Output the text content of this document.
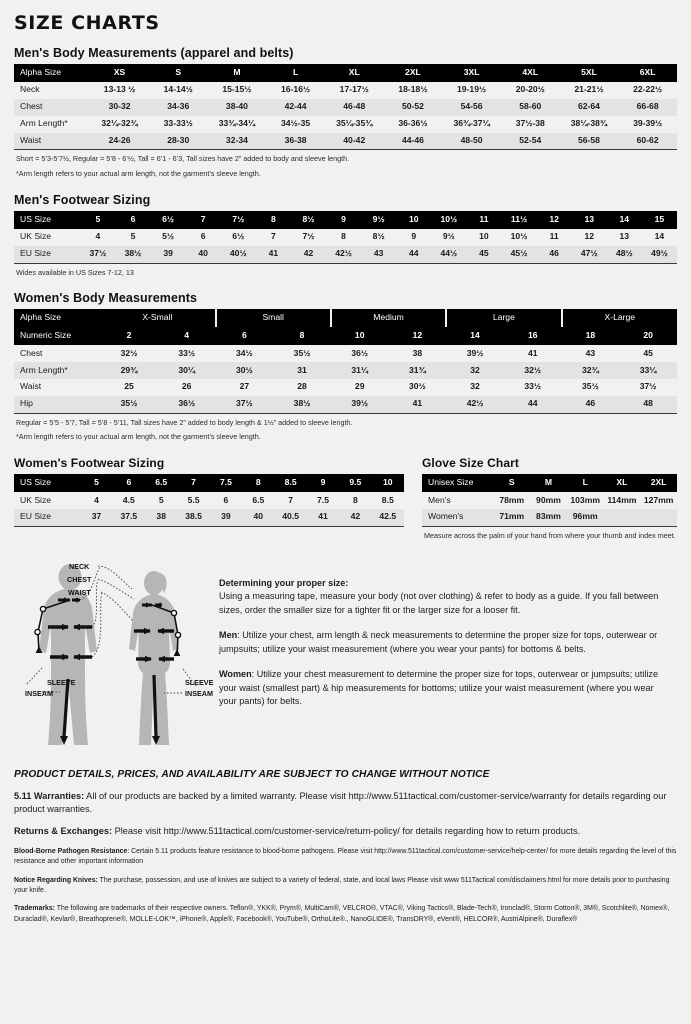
SIZE CHARTS
Men's Body Measurements (apparel and belts)
Alpha Size	XS	S	M	L	XL	2XL	3XL	4XL	5XL	6XL
Neck	13-13 ½	14-14½	15-15½	16-16½	17-17½	18-18½	19-19½	20-20½	21-21½	22-22½
Chest	30-32	34-36	38-40	42-44	46-48	50-52	54-56	58-60	62-64	66-68
Arm Length*	32¼-32¾	33-33½	33¾-34¼	34½-35	35¼-35¾	36-36½	36¾-37¼	37½-38	38¼-38¾	39-39½
Waist	24-26	28-30	32-34	36-38	40-42	44-46	48-50	52-54	56-58	60-62
Short = 5’3-5’7½, Regular = 5’8 - 6’½, Tall = 6’1 - 6’3, Tall sizes have 2” added to body and sleeve length.
*Arm length refers to your actual arm length, not the garment’s sleeve length.
Men's Footwear Sizing
US Size	5	6	6½	7	7½	8	8½	9	9½	10	10½	11	11½	12	13	14	15
UK Size	4	5	5½	6	6½	7	7½	8	8½	9	9½	10	10½	11	12	13	14
EU Size	37½	38½	39	40	40½	41	42	42½	43	44	44½	45	45½	46	47½	48½	49½
Wides available in US Sizes 7-12, 13
Women's Body Measurements
Alpha Size	X-Small		Small		Medium		Large		X-Large	
Numeric Size	2	4	6	8	10	12	14	16	18	20
Chest	32½	33½	34½	35½	36½	38	39½	41	43	45
Arm Length*	29¾	30¼	30½	31	31¼	31¾	32	32½	32¾	33¼
Waist	25	26	27	28	29	30½	32	33½	35½	37½
Hip	35½	36½	37½	38½	39½	41	42½	44	46	48
Regular = 5’5 - 5’7, Tall = 5’8 - 5’11, Tall sizes have 2” added to body length & 1½” added to sleeve length.
*Arm length refers to your actual arm length, not the garment’s sleeve length.
Women's Footwear Sizing
US Size	5	6	6.5	7	7.5	8	8.5	9	9.5	10
UK Size	4	4.5	5	5.5	6	6.5	7	7.5	8	8.5
EU Size	37	37.5	38	38.5	39	40	40.5	41	42	42.5
Glove Size Chart
Unisex Size	S	M	L	XL	2XL
Men's	78mm	90mm	103mm	114mm	127mm
Women's	71mm	83mm	96mm		
Measure across the palm of your hand from where your thumb and index meet.
SLEEVE
INSEAM
SLEEVE
INSEAM
NECK
CHEST
WAIST

Determining your proper size:
Using a measuring tape, measure your body (not over clothing) & refer to body as a guide. If you fall between sizes, order the smaller size for a tighter fit or the larger size for a looser fit.

Men: Utilize your chest, arm length & neck measurements to determine the proper size for tops, outerwear or jumpsuits; utilize your waist measurement (where you wear your pants) for bottoms & belts.

Women: Utilize your chest measurement to determine the proper size for tops, outerwear or jumpsuits; utilize your waist (smallest part) & hip measurements for bottoms; utilize your waist measurement (where you wear your pants) for belts.

PRODUCT DETAILS, PRICES, AND AVAILABILITY ARE SUBJECT TO CHANGE WITHOUT NOTICE

5.11 Warranties: All of our products are backed by a limited warranty. Please visit http://www.511tactical.com/customer-service/warranty for details regarding our product warranties.

Returns & Exchanges: Please visit http://www.511tactical.com/customer-service/return-policy/ for details regarding how to return products.

Blood-Borne Pathogen Resistance: Certain 5.11 products feature resistance to blood-borne pathogens. Please visit http://www.511tactical.com/customer-service/help-center/ for more details regarding the level of this resistance and other important information

Notice Regarding Knives: The purchase, possession, and use of knives are subject to a variety of federal, state, and local laws Please visit www 511Tactical com/disclaimers.html for more details prior to purchasing your knife.

Trademarks: The following are trademarks of their respective owners. Teflon®, YKK®, Prym®, MultiCam®, VELCRO®, VTAC®, Viking Tactics®, Blade-Tech®, Ironclad®, Storm Cotton®, 3M®, Scotchlite®, Nomex®, Duraclad®, Kevlar®, Breathoprene®, MOLLE-LOK™, iPhone®, Apple®, Facebook®, YouTube®, OrthoLite®., NanoGLIDE®, TransDRY®, eVent®, HELCOR®, AustriAlpine®, Duraflex®
